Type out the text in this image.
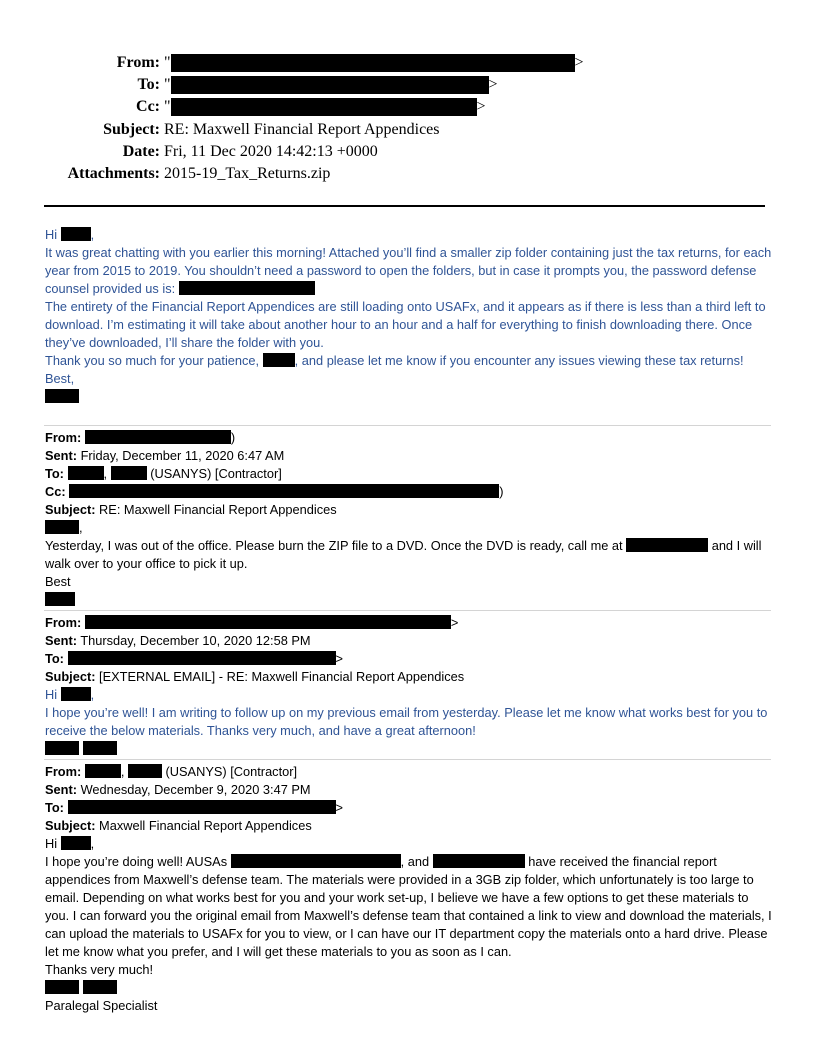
From: "	>
To: "	>
Cc: "	>
Subject: RE: Maxwell Financial Report Appendices
Date: Fri, 11 Dec 2020 14:42:13 +0000
Attachments: 2015-19_Tax_Returns.zip

Hi	,

It was great chatting with you earlier this morning! Attached you’ll find a smaller zip folder containing just the tax returns, for each year from 2015 to 2019. You shouldn’t need a password to open the folders, but in case it prompts you, the password defense counsel provided us is:

The entirety of the Financial Report Appendices are still loading onto USAFx, and it appears as if there is less than a third left to download. I’m estimating it will take about another hour to an hour and a half for everything to finish downloading there. Once they’ve downloaded, I’ll share the folder with you.

Thank you so much for your patience,	, and please let me know if you encounter any issues viewing these tax returns!

Best,

From:	)

Sent: Friday, December 11, 2020 6:47 AM

To:	,	(USANYS) [Contractor]

Cc:	)

Subject: RE: Maxwell Financial Report Appendices

,

Yesterday, I was out of the office. Please burn the ZIP file to a DVD. Once the DVD is ready, call me at	and I will walk over to your office to pick it up.

Best

From:	>

Sent: Thursday, December 10, 2020 12:58 PM

To:	>

Subject: [EXTERNAL EMAIL] - RE: Maxwell Financial Report Appendices

Hi	,

I hope you’re well! I am writing to follow up on my previous email from yesterday. Please let me know what works best for you to receive the below materials. Thanks very much, and have a great afternoon!

From:	,	(USANYS) [Contractor]

Sent: Wednesday, December 9, 2020 3:47 PM

To:	>

Subject: Maxwell Financial Report Appendices

Hi	,

I hope you’re doing well! AUSAs	, and	have received the financial report appendices from Maxwell’s defense team. The materials were provided in a 3GB zip folder, which unfortunately is too large to email. Depending on what works best for you and your work set-up, I believe we have a few options to get these materials to you. I can forward you the original email from Maxwell’s defense team that contained a link to view and download the materials, I can upload the materials to USAFx for you to view, or I can have our IT department copy the materials onto a hard drive. Please let me know what you prefer, and I will get these materials to you as soon as I can.

Thanks very much!

Paralegal Specialist
